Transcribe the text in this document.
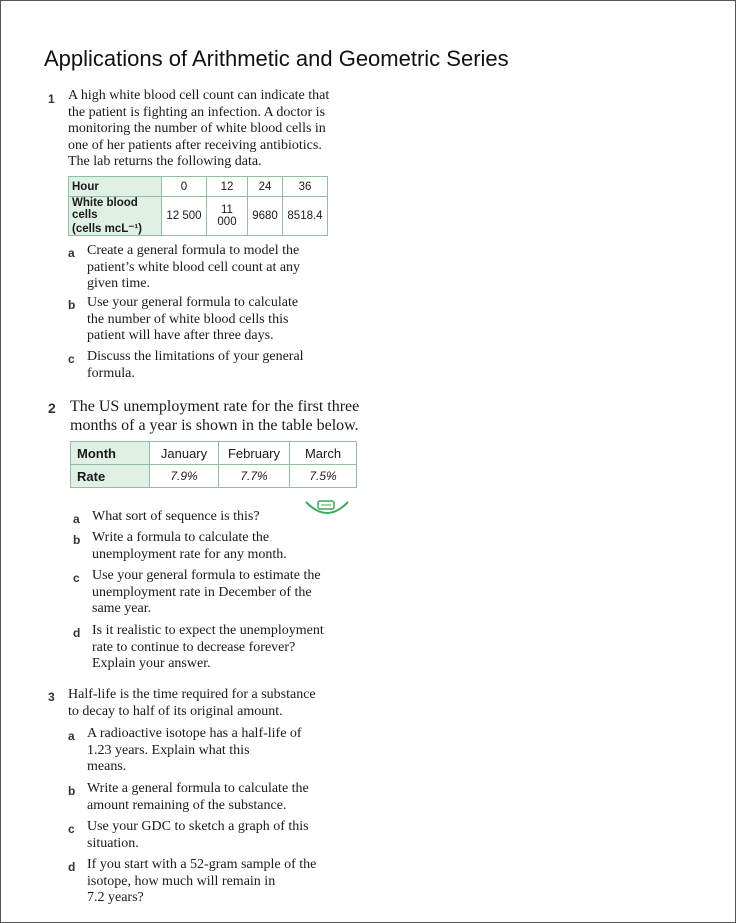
Applications of Arithmetic and Geometric Series
1 A high white blood cell count can indicate that
the patient is fighting an infection. A doctor is
monitoring the number of white blood cells in
one of her patients after receiving antibiotics.
The lab returns the following data.
Hour	0	12	24	36

White blood cells
(cells mcL⁻¹)	12 500	11 000	9680	8518.4
a Create a general formula to model the
patient’s white blood cell count at any
given time.
b Use your general formula to calculate
the number of white blood cells this
patient will have after three days.
c Discuss the limitations of your general
formula.
2 The US unemployment rate for the first three
months of a year is shown in the table below.
Month	January	February	March
Rate	7.9%	7.7%	7.5%
a What sort of sequence is this?
b Write a formula to calculate the
unemployment rate for any month.
c Use your general formula to estimate the
unemployment rate in December of the
same year.
d Is it realistic to expect the unemployment
rate to continue to decrease forever?
Explain your answer.
3 Half-life is the time required for a substance
to decay to half of its original amount.
a A radioactive isotope has a half-life of
1.23 years. Explain what this
means.
b Write a general formula to calculate the
amount remaining of the substance.
c Use your GDC to sketch a graph of this
situation.
d If you start with a 52-gram sample of the
isotope, how much will remain in
7.2 years?
